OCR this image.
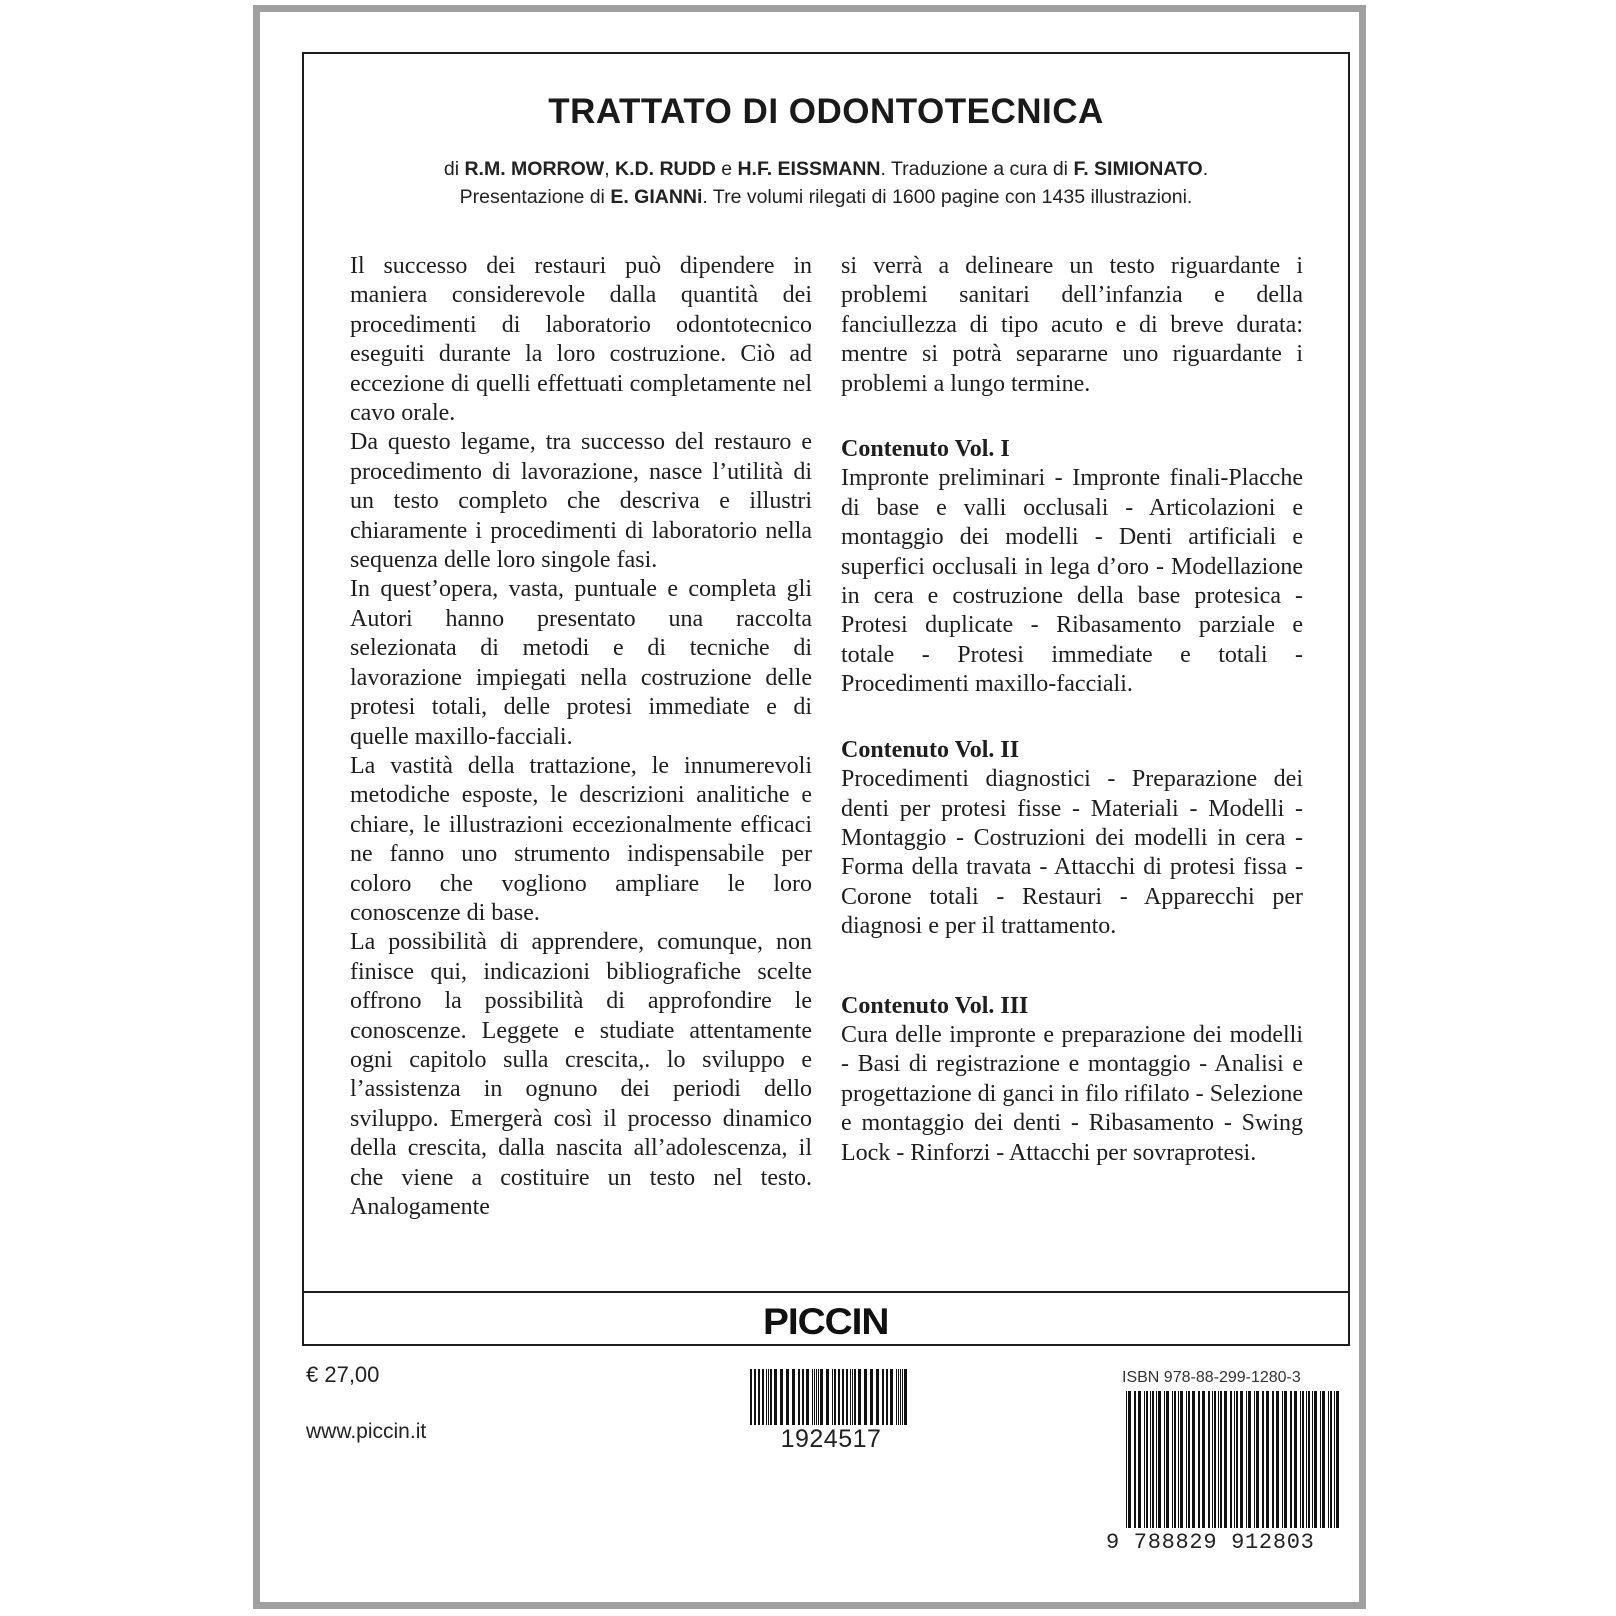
TRATTATO DI ODONTOTECNICA
di R.M. MORROW, K.D. RUDD e H.F. EISSMANN. Traduzione a cura di F. SIMIONATO.
Presentazione di E. GIANNi. Tre volumi rilegati di 1600 pagine con 1435 illustrazioni.

Il successo dei restauri può dipendere in maniera considerevole dalla quantità dei procedimenti di laboratorio odontotecnico eseguiti durante la loro costruzione. Ciò ad eccezione di quelli effettuati completamente nel cavo orale.

Da questo legame, tra successo del restauro e procedimento di lavorazione, nasce l’utilità di un testo completo che descriva e illustri chiaramente i procedimenti di laboratorio nella sequenza delle loro singole fasi.

In quest’opera, vasta, puntuale e completa gli Autori hanno presentato una raccolta selezionata di metodi e di tecniche di lavorazione impiegati nella costruzione delle protesi totali, delle protesi immediate e di quelle maxillo-facciali.

La vastità della trattazione, le innumerevoli metodiche esposte, le descrizioni analitiche e chiare, le illustrazioni eccezionalmente efficaci ne fanno uno strumento indispensabile per coloro che vogliono ampliare le loro conoscenze di base.

La possibilità di apprendere, comunque, non finisce qui, indicazioni bibliografiche scelte offrono la possibilità di approfondire le conoscenze. Leggete e studiate attentamente ogni capitolo sulla crescita,. lo sviluppo e l’assistenza in ognuno dei periodi dello sviluppo. Emergerà così il processo dinamico della crescita, dalla nascita all’adolescenza, il che viene a costituire un testo nel testo. Analogamente

si verrà a delineare un testo riguardante i problemi sanitari dell’infanzia e della fanciullezza di tipo acuto e di breve durata: mentre si potrà separarne uno riguardante i problemi a lungo termine.

Contenuto Vol. I

Impronte preliminari - Impronte finali-Placche di base e valli occlusali - Articolazioni e montaggio dei modelli - Denti artificiali e superfici occlusali in lega d’oro - Modellazione in cera e costruzione della base protesica - Protesi duplicate - Ribasamento parziale e totale - Protesi immediate e totali - Procedimenti maxillo-facciali.

Contenuto Vol. II

Procedimenti diagnostici - Preparazione dei denti per protesi fisse - Materiali - Modelli - Montaggio - Costruzioni dei modelli in cera - Forma della travata - Attacchi di protesi fissa - Corone totali - Restauri - Apparecchi per diagnosi e per il trattamento.

Contenuto Vol. III

Cura delle impronte e preparazione dei modelli - Basi di registrazione e montaggio - Analisi e progettazione di ganci in filo rifilato - Selezione e montaggio dei denti - Ribasamento - Swing Lock - Rinforzi - Attacchi per sovraprotesi.

PICCIN
€ 27,00
www.piccin.it	1924517
ISBN 978-88-299-1280-3
9 788829 912803
